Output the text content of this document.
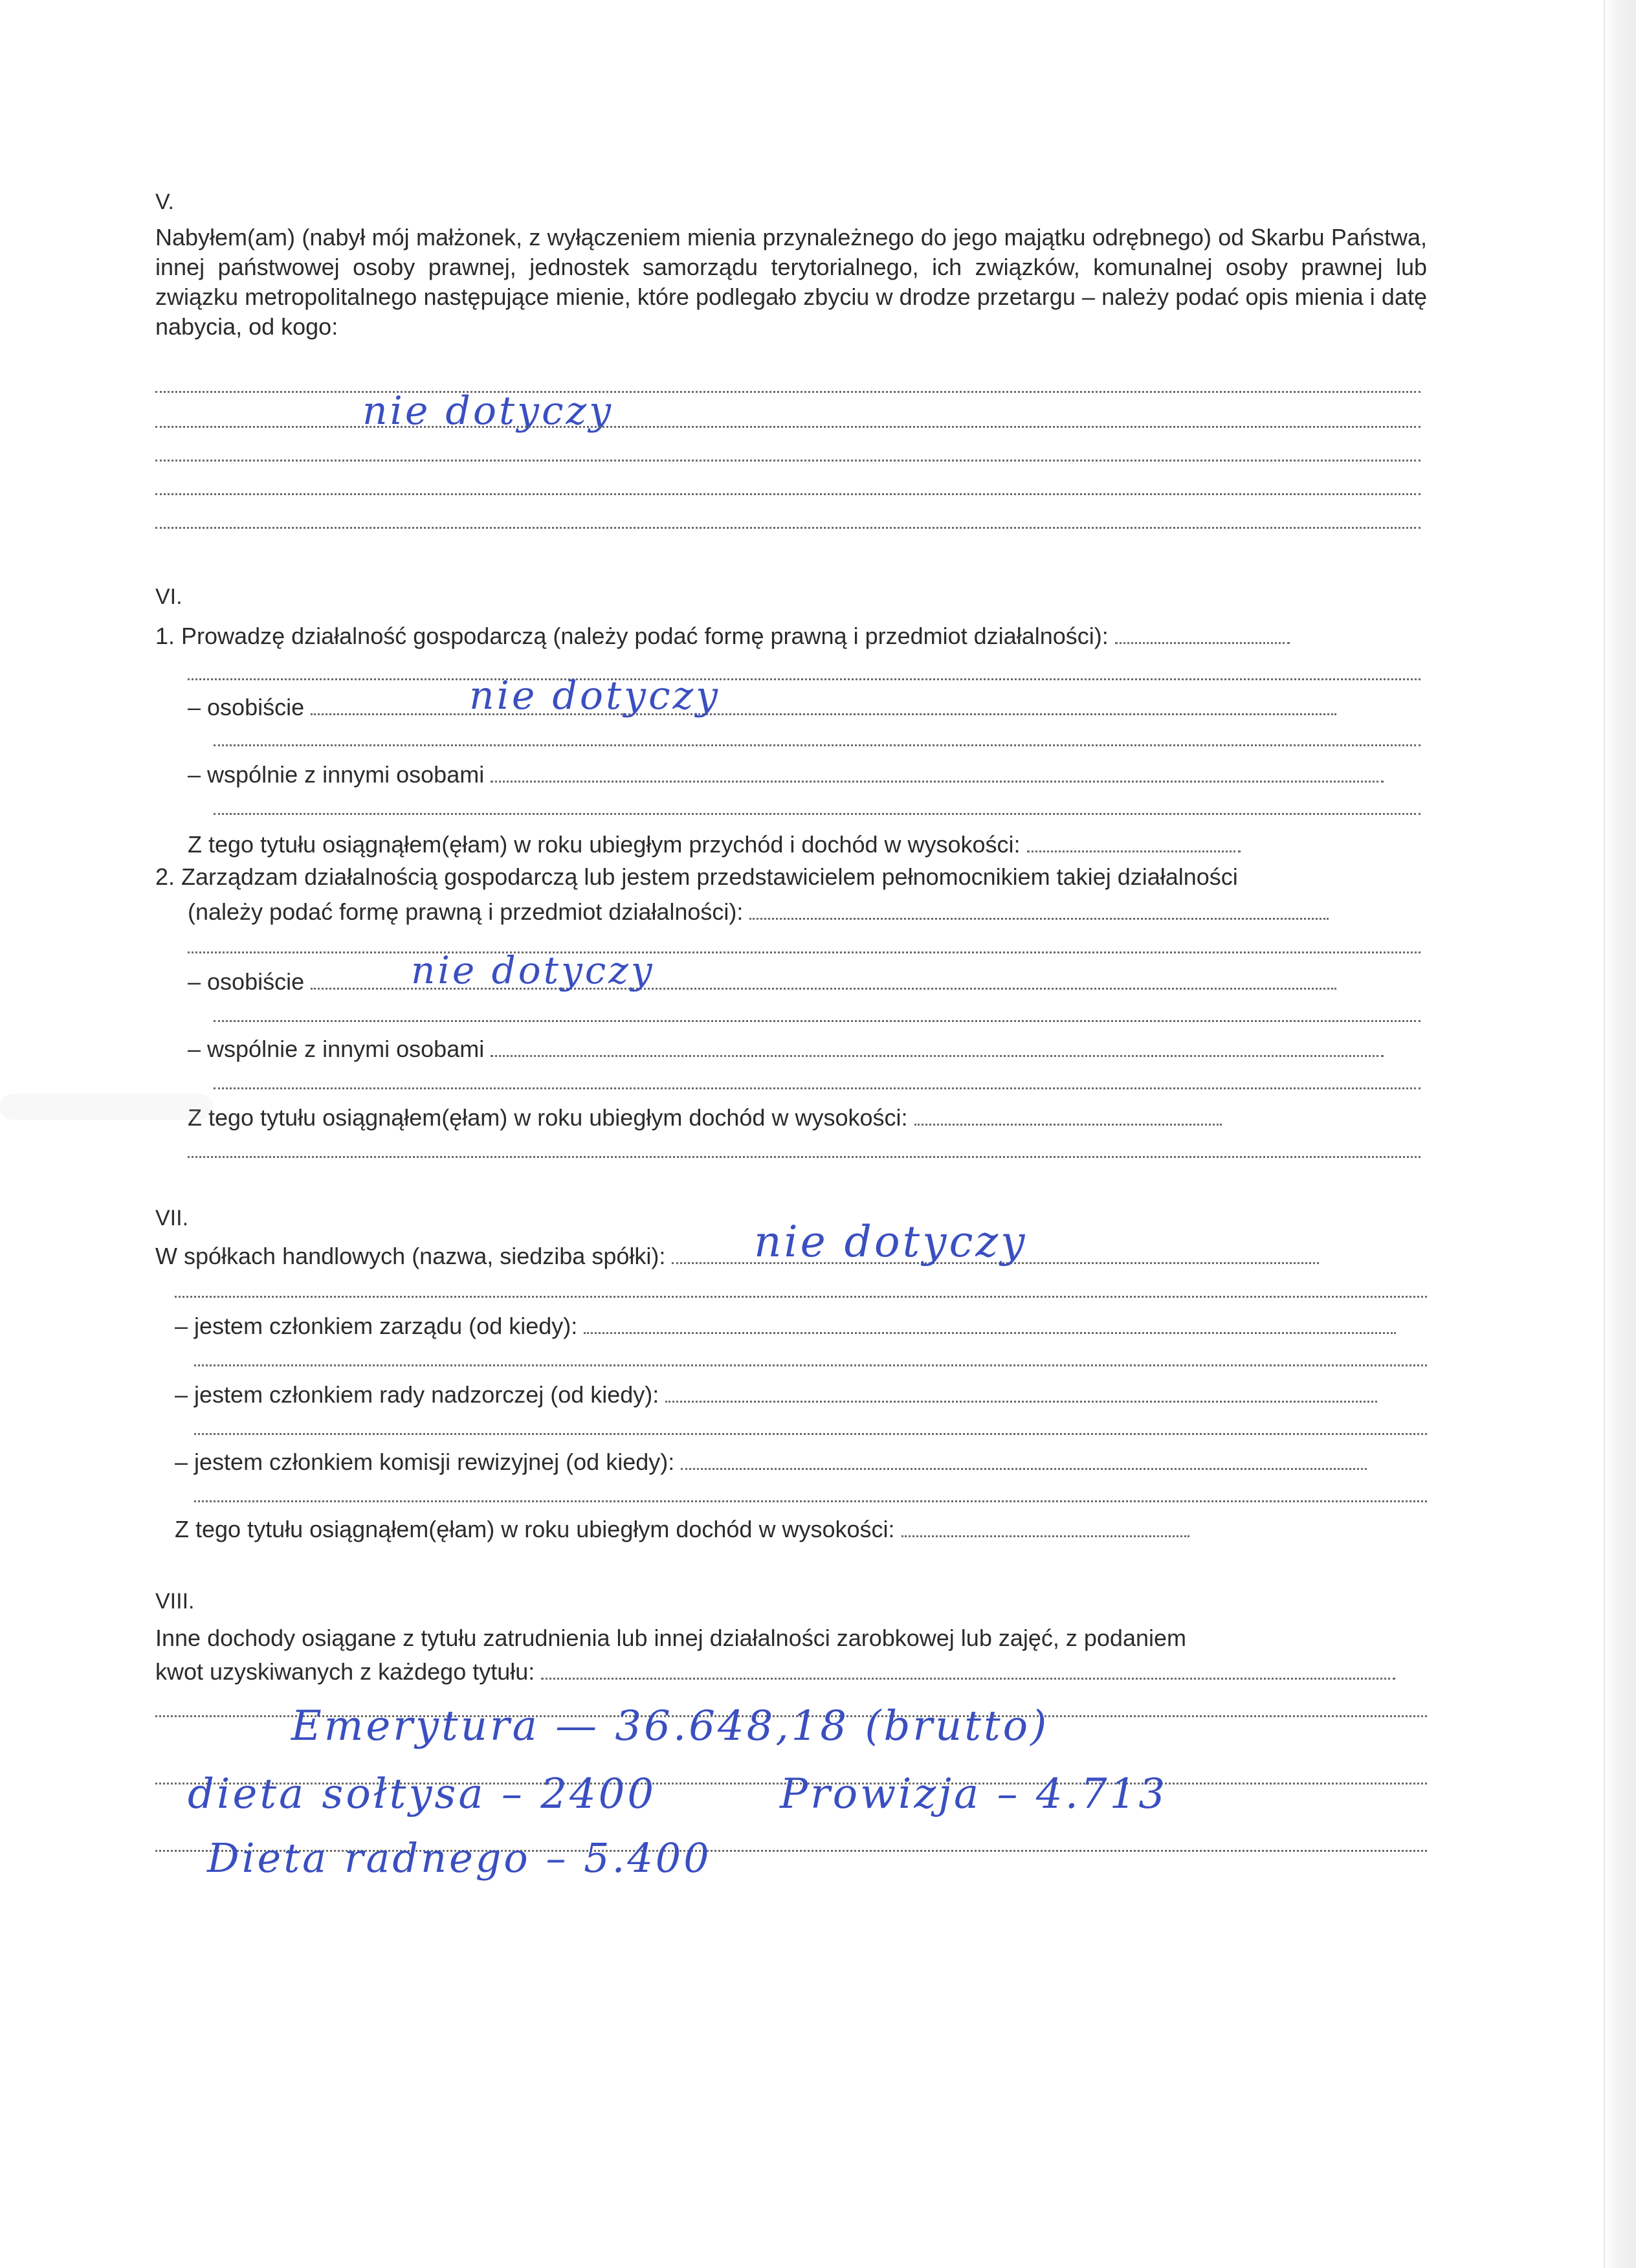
V.

Nabyłem(am) (nabył mój małżonek, z wyłączeniem mienia przynależnego do jego majątku odrębnego) od Skarbu Państwa, innej państwowej osoby prawnej, jednostek samorządu terytorialnego, ich związków, komunalnej osoby prawnej lub związku metropolitalnego następujące mienie, które podlegało zbyciu w drodze przetargu – należy podać opis mienia i datę nabycia, od kogo:

nie dotyczy

VI.

1. Prowadzę działalność gospodarczą (należy podać formę prawną i przedmiot działalności):
– osobiście	nie dotyczy
– wspólnie z innymi osobami
Z tego tytułu osiągnąłem(ęłam) w roku ubiegłym przychód i dochód w wysokości:
2. Zarządzam działalnością gospodarczą lub jestem przedstawicielem pełnomocnikiem takiej działalności
(należy podać formę prawną i przedmiot działalności):
– osobiście	nie dotyczy
– wspólnie z innymi osobami
Z tego tytułu osiągnąłem(ęłam) w roku ubiegłym dochód w wysokości:

VII.

W spółkach handlowych (nazwa, siedziba spółki):	nie dotyczy
– jestem członkiem zarządu (od kiedy):
– jestem członkiem rady nadzorczej (od kiedy):
– jestem członkiem komisji rewizyjnej (od kiedy):
Z tego tytułu osiągnąłem(ęłam) w roku ubiegłym dochód w wysokości:

VIII.

Inne dochody osiągane z tytułu zatrudnienia lub innej działalności zarobkowej lub zajęć, z podaniem
kwot uzyskiwanych z każdego tytułu:
Emerytura — 36.648,18 (brutto)
dieta sołtysa – 2400	Prowizja – 4.713
Dieta radnego – 5.400
